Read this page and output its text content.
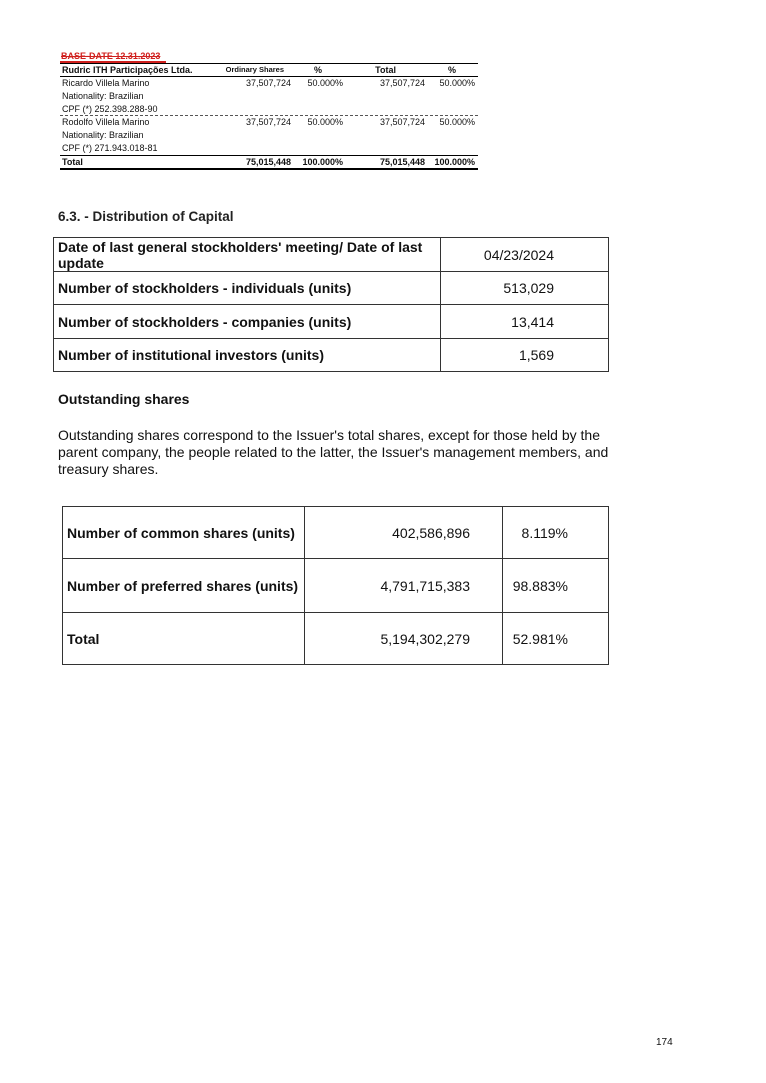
BASE-DATE 12.31.2023
Rudric ITH Participações Ltda.	Ordinary Shares	%	Total	%
Ricardo Villela Marino	37,507,724 50.000%	37,507,724 50.000%
Nationality: Brazilian
CPF (*) 252.398.288-90
Rodolfo Villela Marino	37,507,724 50.000%	37,507,724 50.000%
Nationality: Brazilian
CPF (*) 271.943.018-81
Total	75,015,448 100.000%	75,015,448 100.000%
6.3. - Distribution of Capital
Date of last general stockholders' meeting/ Date of last update	04/23/2024
Number of stockholders - individuals (units)	513,029
Number of stockholders - companies (units)	13,414
Number of institutional investors (units)	1,569
Outstanding shares
Outstanding shares correspond to the Issuer's total shares, except for those held by the parent company, the people related to the latter, the Issuer's management members, and treasury shares.
Number of common shares (units)	402,586,896	8.119%
Number of preferred shares (units)	4,791,715,383	98.883%
Total	5,194,302,279	52.981%
174
